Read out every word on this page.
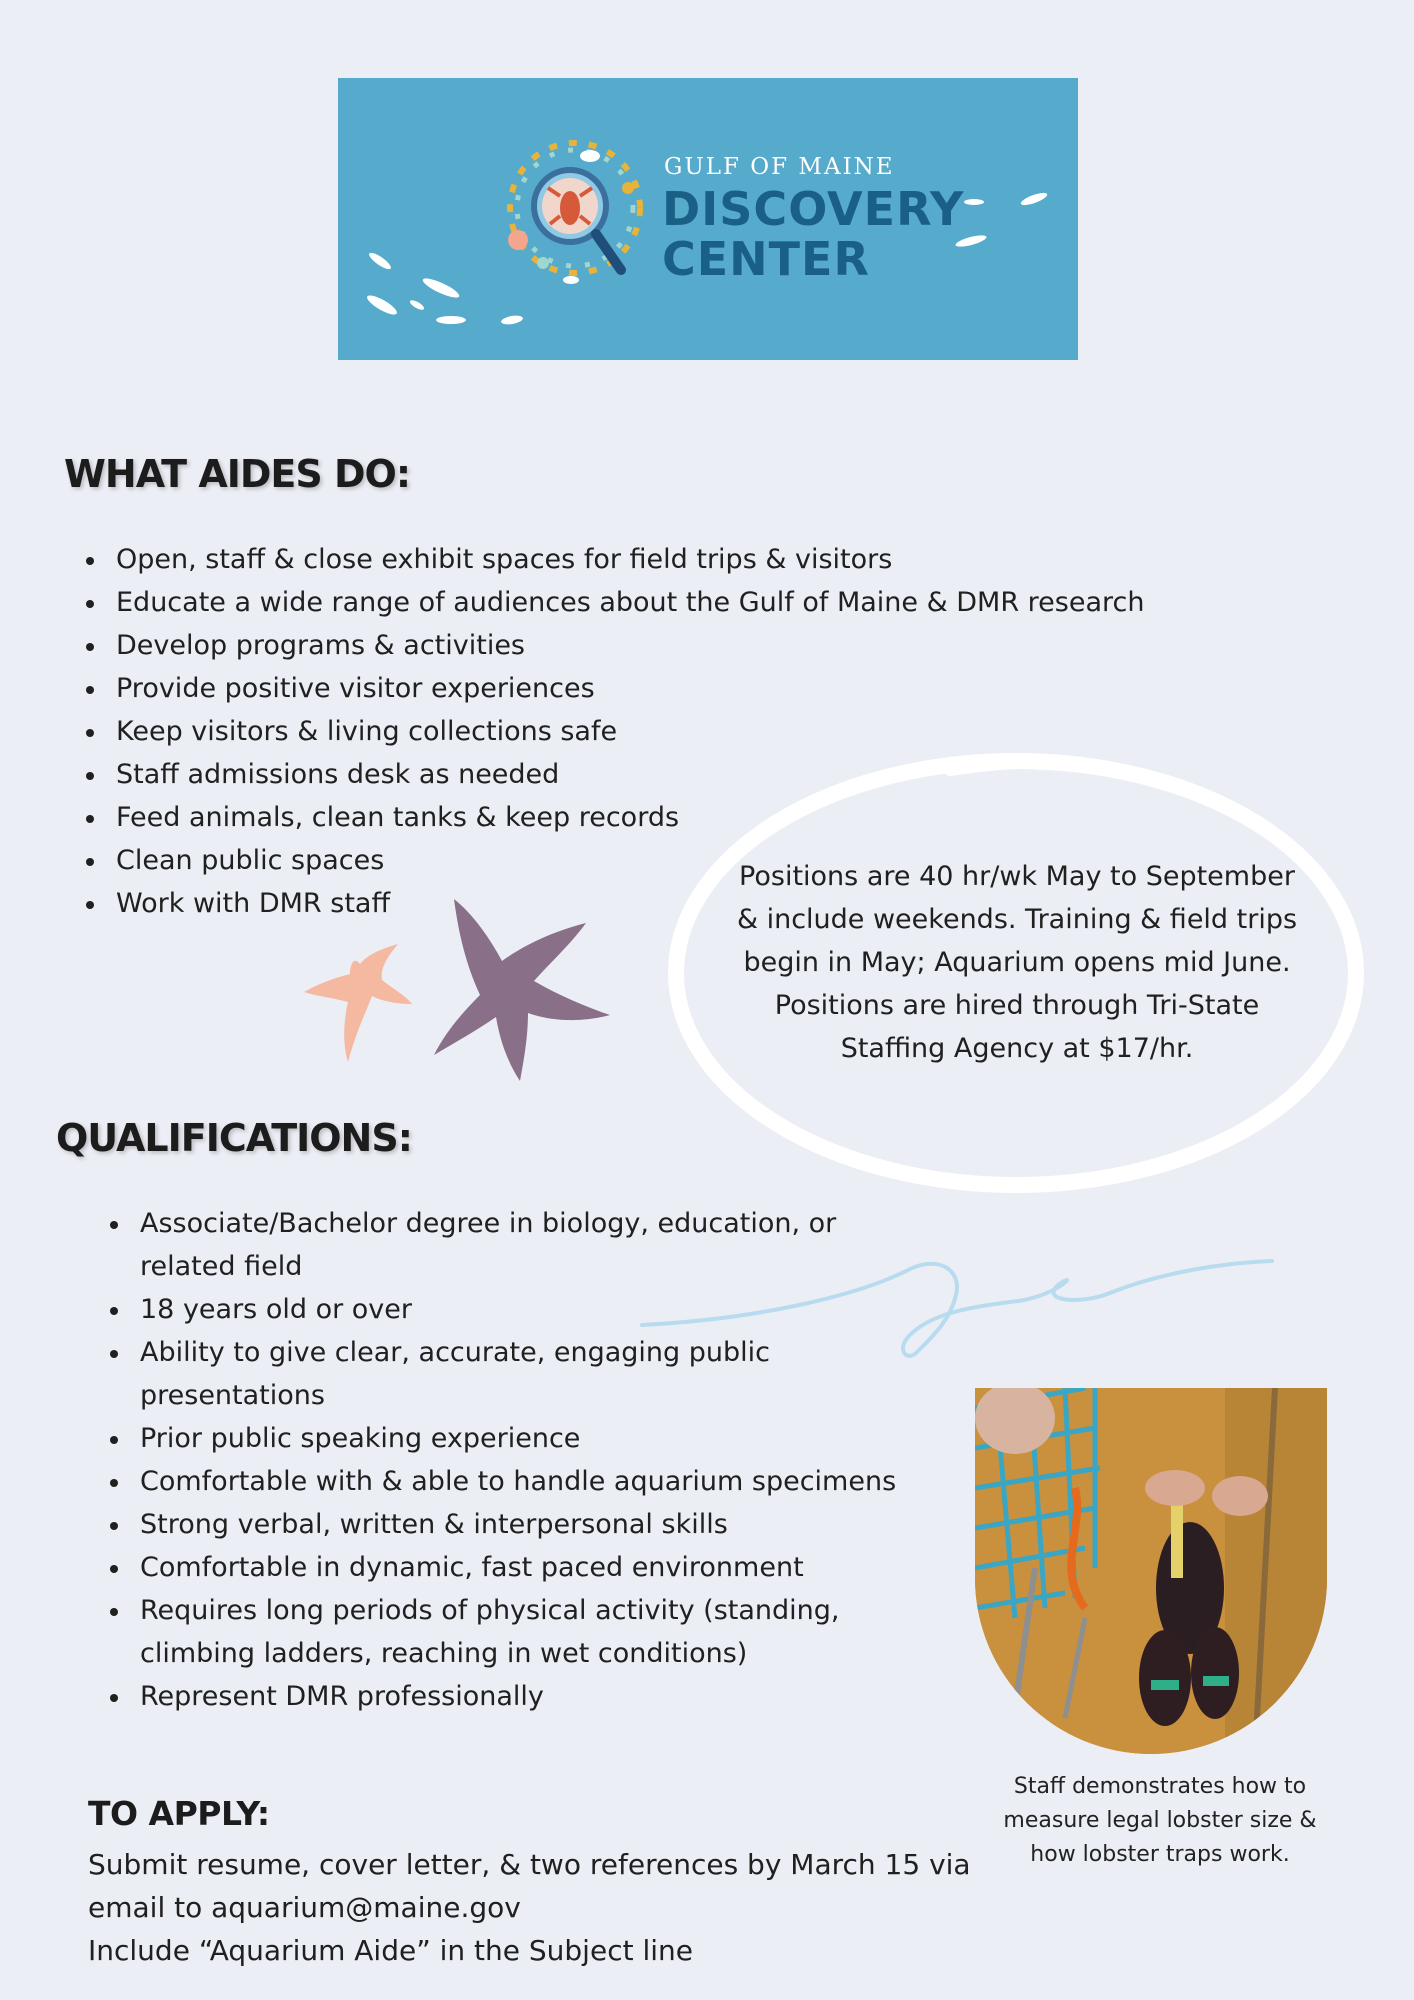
GULF OF MAINE
DISCOVERY
CENTER
WHAT AIDES DO:
Open, staff & close exhibit spaces for field trips & visitors
Educate a wide range of audiences about the Gulf of Maine & DMR research
Develop programs & activities
Provide positive visitor experiences
Keep visitors & living collections safe
Staff admissions desk as needed
Feed animals, clean tanks & keep records
Clean public spaces
Work with DMR staff
Positions are 40 hr/wk May to September
& include weekends. Training & field trips
begin in May; Aquarium opens mid June.
Positions are hired through Tri-State
Staffing Agency at $17/hr.
QUALIFICATIONS:
Associate/Bachelor degree in biology, education, or
related field
18 years old or over
Ability to give clear, accurate, engaging public
presentations
Prior public speaking experience
Comfortable with & able to handle aquarium specimens
Strong verbal, written & interpersonal skills
Comfortable in dynamic, fast paced environment
Requires long periods of physical activity (standing,
climbing ladders, reaching in wet conditions)
Represent DMR professionally
Staff demonstrates how to
measure legal lobster size &
how lobster traps work.
TO APPLY:
Submit resume, cover letter, & two references by March 15 via
email to aquarium@maine.gov
Include “Aquarium Aide” in the Subject line
